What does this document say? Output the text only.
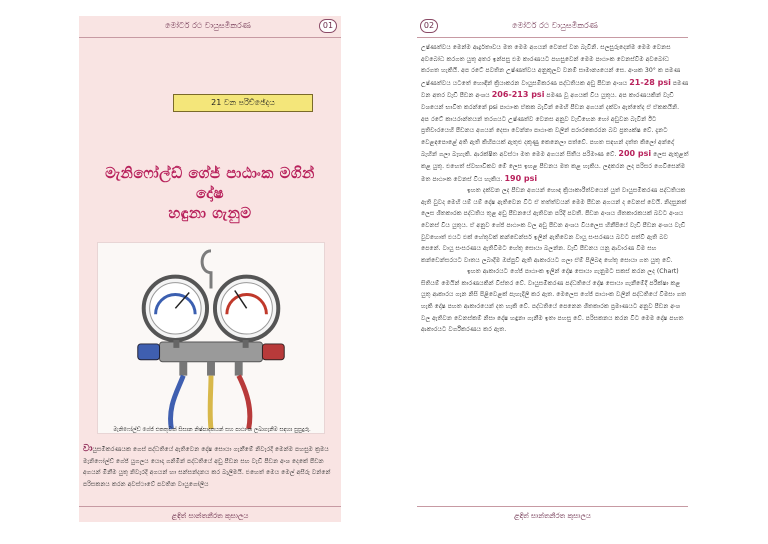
මෝටර් රථ වායුසමීකරණ	01
21 වන පරිච්ඡේදය
මැනිෆෝල්ඩ් ගේජ් පාඨාංක මගින්
දෝෂ
හඳුනා ගැනුම
මැනිෆෝල්ඩ් ගේජ් එකතුවක් සිසාන නිෂ්පාදකයන් සහ පාඨාංක ලබාගැනීම සඳහා සුසුදුරු.
වායුසමීකරණයක ගෙස් පද්ධතියේ ඇතිවෙන දෝෂ සොයා ගැනීමේ නිවැරදි මෙන්ම පහසුම ක්‍රමය මැනිෆෝල්ඩ් ගේජ් යුගලය යොදා ගනිමින් පද්ධතියේ අඩු පීඩන සහ වැඩි පීඩන අංශ දෙකේ පීඩන අගයන් මිනීම යුතු නිවැරදි අගයන් හා සන්සන්දනය කර බැලීමයි. එහෙත් මෙය මෙල් අසීරු වන්නේ පරිසකනය කරන අවස්ථාවේ පවතින වායුගෝලීය
ළඳිත් සාන්තනීරත කුසාලය
02	මෝටර් රථ වායුසමීකරණ

උෂ්ණත්වය මෙන්ම ආර්ද්‍රතාවය මත මෙම අගයන් වෙනස් වන බැවිනි. සලසුරුදෙන්ම මෙම වෙනස අවබෝධ කරගත යුතු අතර ඉන්පසු එම කාරණයට පහසුවෙන් මෙම පාඨාංක වෙනස්වීම අවබෝධ කරගත හැකියි. අප රටේ පවතින උෂ්ණත්වය අනුකූලව වනම් සාමාන්‍යයෙන් සෙ. අංශක 30° ක පමණ උෂ්ණත්වය යටතේ හොඳින් ක්‍රියාකරන වායුසමීකරණ පද්ධතියක අඩු පීඩන අංශය 21-28 psi පමණ වන අතර වැඩි පීඩන අංශය 206-213 psi පමණ වූ අගයක් විය යුතුය. අප කාරණයකින් වැඩි වශයෙන් භාවිත කරන්නේ psi පාඨාංක ඒකක බැවින් මෙහි පීඩන අගයන් දක්වා ඇත්තේද ඒ ඒකකයිනි. අප රටේ කායරාන්තයන් තරගයට උෂ්ණත්ව වෙනස අනුව වැඩිහෙන හෝ අඩුවන බැවින් ඊට ප්‍රතිචාරයෙහි පීඩනය අගයන් දෙසා වෙන්නා පාඨාංක වලින් පරාරකෙරරන බව ප්‍රත්‍යක්ෂ වේ. දැනට වෙළඳපොළේ අති ඇති කිහිපයක් ඇතුළු දකුණු කෙනෙලා පත්වේ. පහත සඳහන් දත්ත කිලෝ අන්දෝ බැහින් ගලා බැහැකි. ආරක්ෂිත අවස්ථා මත මෙම අගයන් සිතීය පරිමාණ වේ. 200 psi ලෙස ඇතුළත් කළ යුතු. එහෙත් ස්වභාවිකව මේ ලෙස ඉහළ පීඩනය මත කළ හැකිය. ලඳකරන ලද පරිසර ගෙවිසෙන්ම මත පාඨාංක වෙනස් විය හැකිය. 190 psi

ඉහත දක්වන ලද පීඩන අගයන් හොඳ ක්‍රියාකාරීත්වයෙන් යුත් වායුසමීකරණ පද්ධතියක ඇති වුවද මෙහි යම් යම් දෝෂ ඇතිවෙන විට ඒ තත්ත්වයන් මෙම පීඩන අගයන් ද වෙනස් වෙයි. නිදසුනක් ලෙස ශීතකාරක පද්ධතිය තුළ අඩු පීඩනයේ ඇතිවන පරිදි පවතී. පීඩන අංශය ශීතකාරකයක් බවට අංශය වෙනස් විය යුතුය. ඒ අනුව ගේජ් පාඨාංක වල අඩු පීඩන අංශය වියලෙස හිනීපියේ වැඩි පීඩන අංශය වැඩි වුවහොත් එයට එක් හේතුවක් කන්ඩෙන්සර් ඉලින් ඇතිවෙන වායු සංසරණය බවට පත්වී ඇති බව පෙනේ. වායු සංසරණය ඇතිවිමට හේතු සොයා බලන්න. වැඩි පීඩනය යනු ආවාරණ වීම සහ කන්ඩෙන්සරයට වාතය ලබාදීම ඔප්පුවී ඇති ආකාරයට ගලා ඒම් පිලිබඳ හේතු සොයා ගත යුතු වේ.

ඉහත ආකාරයට ගේජ් පාඨාංක ඉලින් දෝෂ සොයා ගැනුමට සකස් කරන ලද (Chart) සිතියම් මෙයින් කාරණයකින් විස්තර වේ. වායුසමීකරණ පද්ධතියේ දෝෂ සොයා ගැනීමේදී පරීක්ෂා කළ යුතු ආකාරය ගැන නිසි පිළිවෙළක් පැහැදිලි කර ඇත. මෙලෙස ගේජ් පාඨාංක වලින් පද්ධතියේ විමසා ගත හැකි දෝෂ පහත ආකාරයෙන් දත හැකි වේ. පද්ධතියේ පෙනෙන ශීතකාරක ප්‍රමාණයට අනුව පීඩන අංශ වල ඇතිවන වෙනස්කම් නිසා දෝෂ හඳුනා ගැනීම ඉතා පහසු වේ. පරිසකනය කරන විට මෙම දෝෂ පහත ආකාරයට වර්ගීකරණය කර ඇත.

ළඳිත් සාන්තනීරත කුසාලය
